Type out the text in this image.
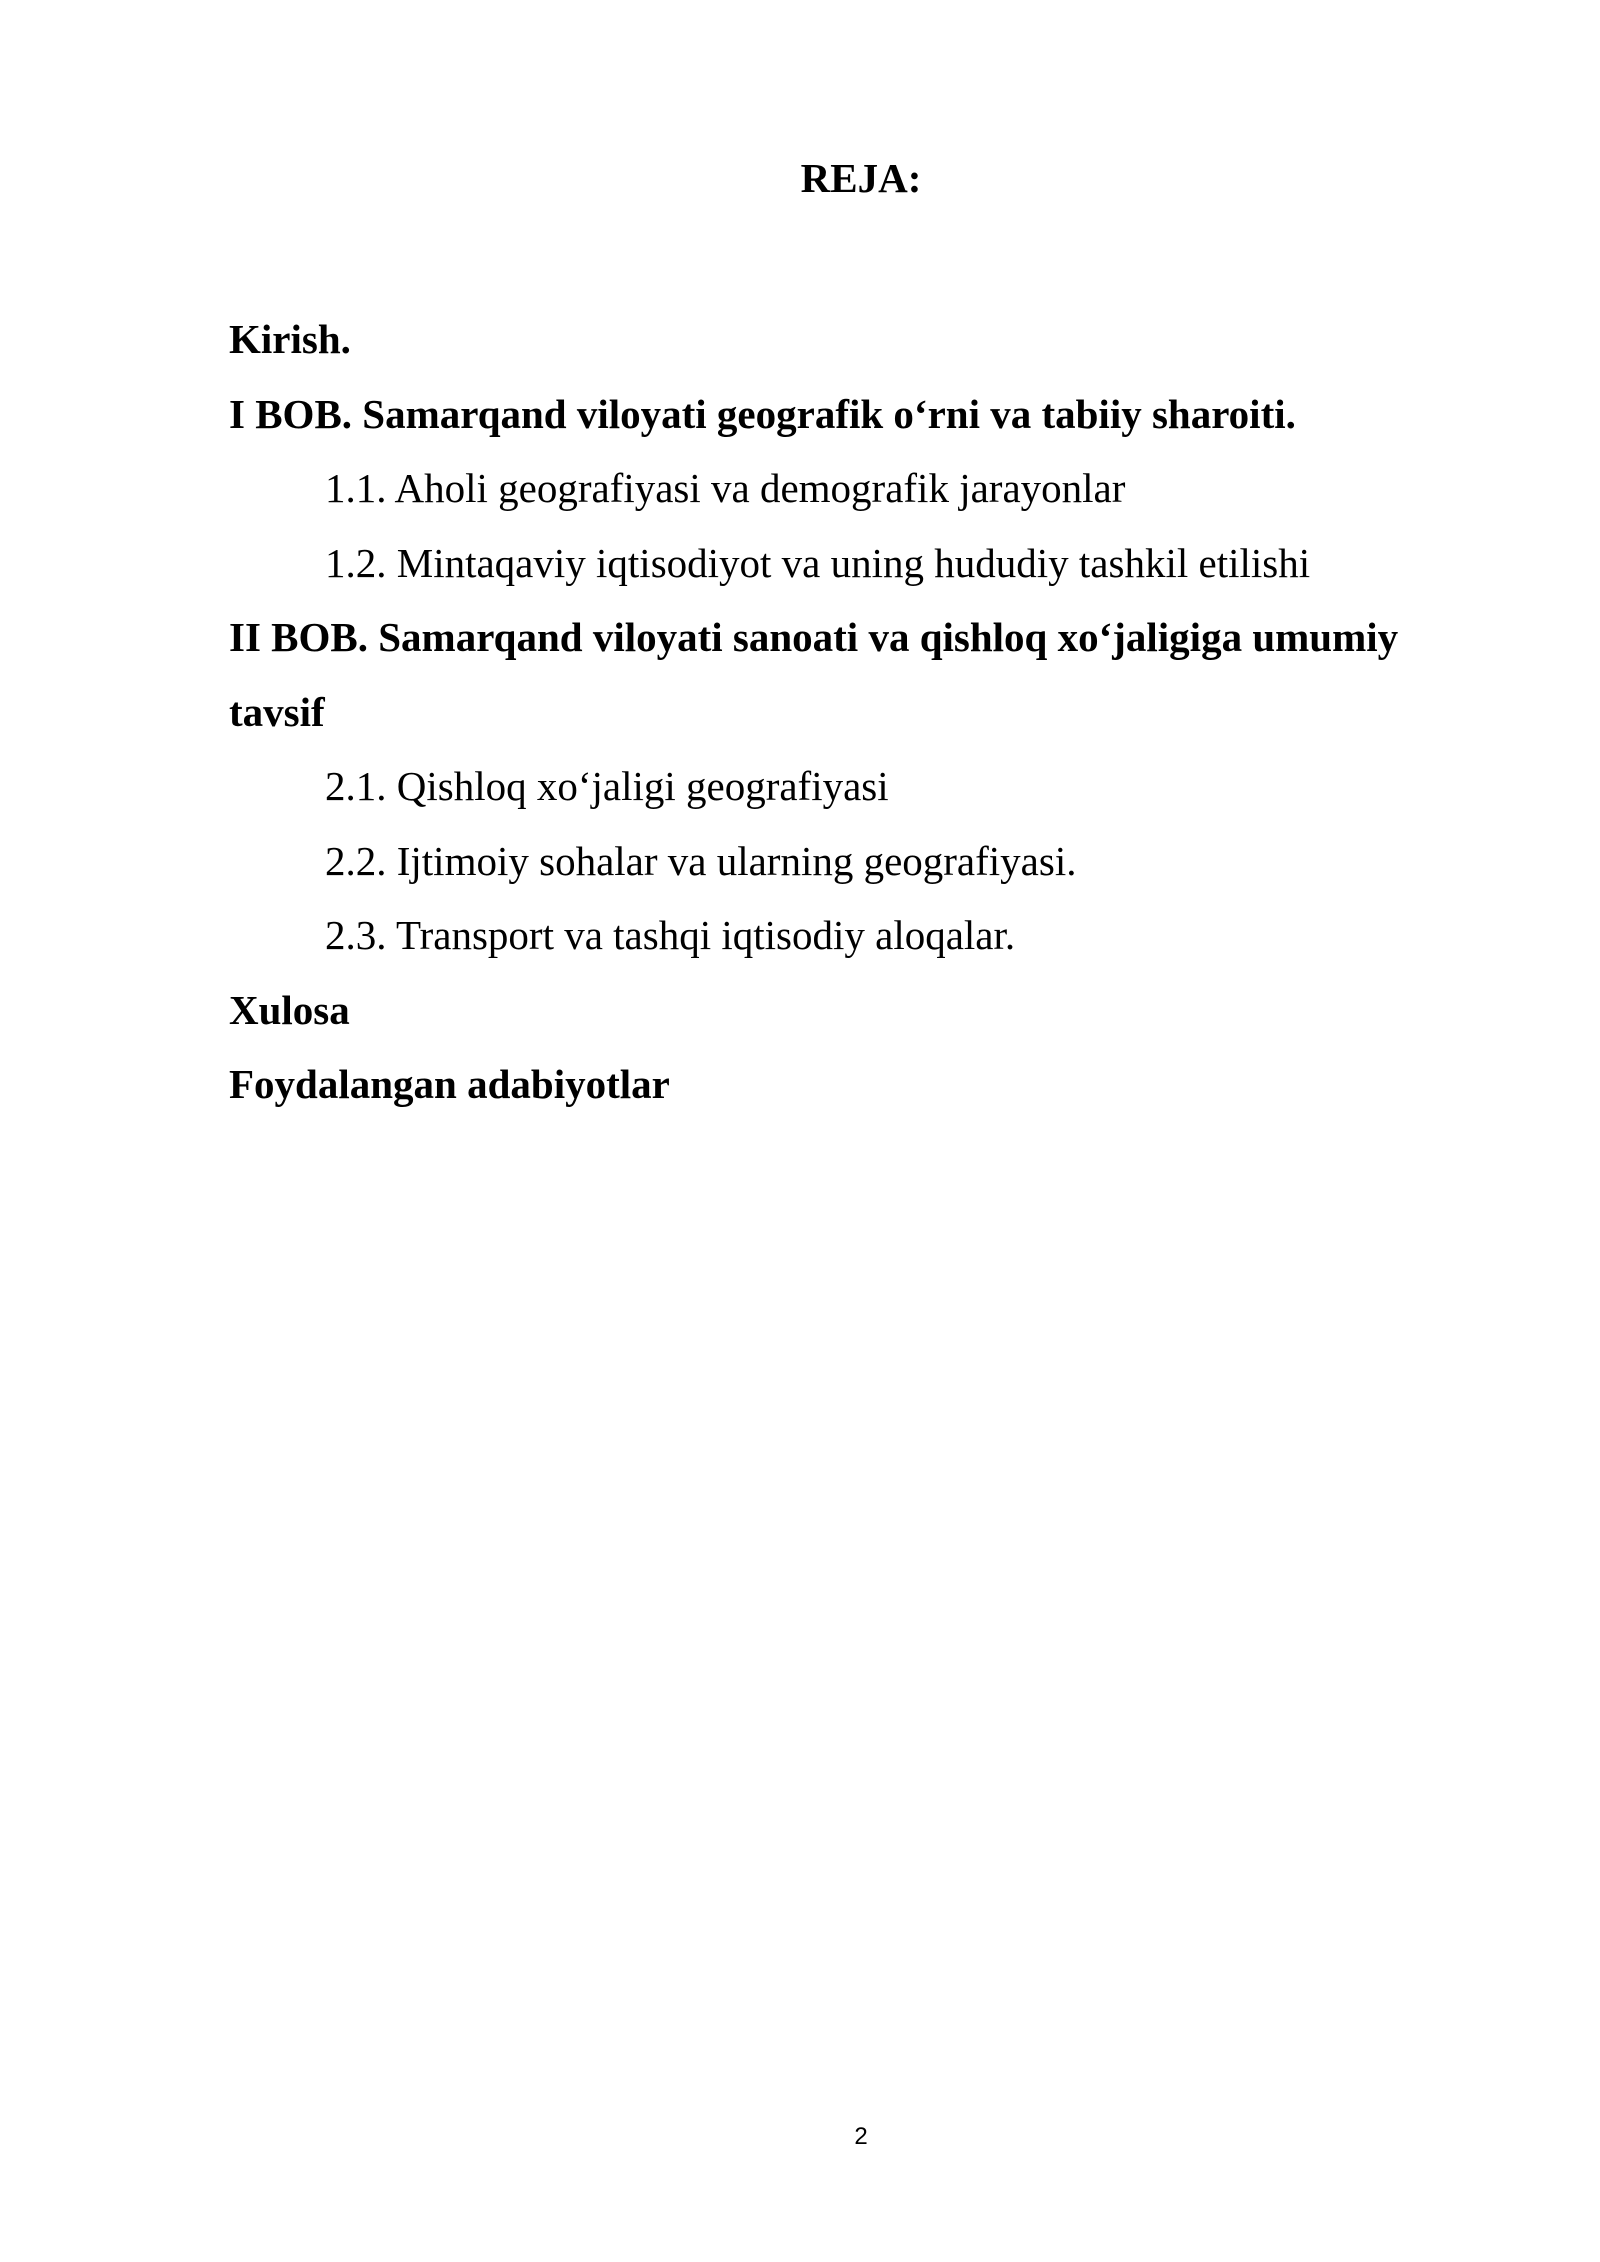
REJA:
Kirish.
I BOB. Samarqand viloyati geografik o‘rni va tabiiy sharoiti.
1.1. Aholi geografiyasi va demografik jarayonlar
1.2. Mintaqaviy iqtisodiyot va uning hududiy tashkil etilishi
II BOB. Samarqand viloyati sanoati va qishloq xo‘jaligiga umumiy tavsif
2.1. Qishloq xo‘jaligi geografiyasi
2.2. Ijtimoiy sohalar va ularning geografiyasi.
2.3. Transport va tashqi iqtisodiy aloqalar.
Xulosa
Foydalangan adabiyotlar
2
